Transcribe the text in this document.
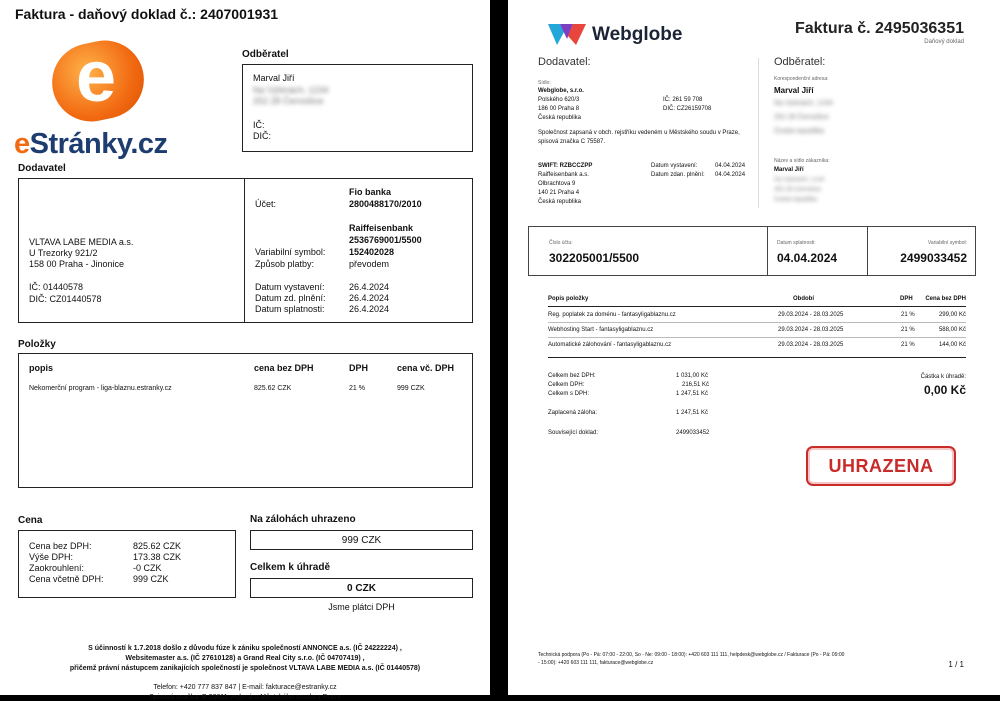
Faktura - daňový doklad č.: 2407001931
e
eStránky.cz
Odběratel
Marval Jiří
Na Výšinách, 1234
252 28 Černošice
IČ:
DIČ:
Dodavatel
VLTAVA LABE MEDIA a.s.
U Trezorky 921/2
158 00 Praha - Jinonice
IČ: 01440578
DIČ: CZ01440578
Fio banka
Účet:	2800488170/2010
Raiffeisenbank
2536769001/5500
Variabilní symbol:	152402028
Způsob platby:	převodem
Datum vystavení:	26.4.2024
Datum zd. plnění:	26.4.2024
Datum splatnosti:	26.4.2024
Položky
popis	cena bez DPH	DPH	cena vč. DPH
Nekomerční program - liga-blaznu.estranky.cz	825.62 CZK	21 %	999 CZK
Cena
Cena bez DPH:	825.62 CZK
Výše DPH:	173.38 CZK
Zaokrouhlení:	-0 CZK
Cena včetně DPH:	999 CZK
Na zálohách uhrazeno
999 CZK
Celkem k úhradě
0 CZK
Jsme plátci DPH
S účinností k 1.7.2018 došlo z důvodu fúze k zániku společností ANNONCE a.s. (IČ 24222224) ,
Websitemaster a.s. (IČ 27610128) a Grand Real City s.r.o. (IČ 04707419) ,
přičemž právní nástupcem zanikajících společností je společnost VLTAVA LABE MEDIA a.s. (IČ 01440578)
Telefon: +420 777 837 847 | E-mail: fakturace@estranky.cz
Spisová značka: B 20611 vedená u Městského soudu v Praze
Webglobe	Faktura č. 2495036351
Daňový doklad
Dodavatel:
Sídlo:
Webglobe, s.r.o.
Polského 620/3
186 00 Praha 8
Česká republika
IČ: 261 59 708
DIČ: CZ26159708
Společnost zapsaná v obch. rejstříku vedeném u Městského soudu v Praze, spisová značka C 75587.
SWIFT: RZBCCZPP
Raiffeisenbank a.s.
Olbrachtova 9
140 21 Praha 4
Česká republika
Datum vystavení:	04.04.2024
Datum zdan. plnění: 04.04.2024
Odběratel:
Korespondenční adresa:
Marval Jiří
Na Výšinách, 1234
252 28 Černošice
Česká republika
Název a sídlo zákazníka:
Marval Jiří
Na Výšinách, 1234
252 28 Černošice
Česká republika
Číslo účtu:
302205001/5500
Datum splatnosti:
04.04.2024
Variabilní symbol:
2499033452
Popis položky	Období	DPH Cena bez DPH
Reg. poplatek za doménu - fantasyligablaznu.cz	29.03.2024 - 28.03.2025	21 %	299,00 Kč
Webhosting Start - fantasyligablaznu.cz	29.03.2024 - 28.03.2025	21 %	588,00 Kč
Automatické zálohování - fantasyligablaznu.cz	29.03.2024 - 28.03.2025	21 %	144,00 Kč
Celkem bez DPH:	1 031,00 Kč
Celkem DPH:	216,51 Kč
Celkem s DPH:	1 247,51 Kč
Zaplacená záloha:	1 247,51 Kč
Související doklad:	2499033452
Částka k úhradě:
0,00 Kč
UHRAZENA
Technická podpora (Po - Pá: 07:00 - 22:00, So - Ne: 09:00 - 18:00): +420 603 111 111, helpdesk@webglobe.cz / Fakturace (Po - Pá: 09:00
- 15:00): +420 603 111 111, fakturace@webglobe.cz	1 / 1
